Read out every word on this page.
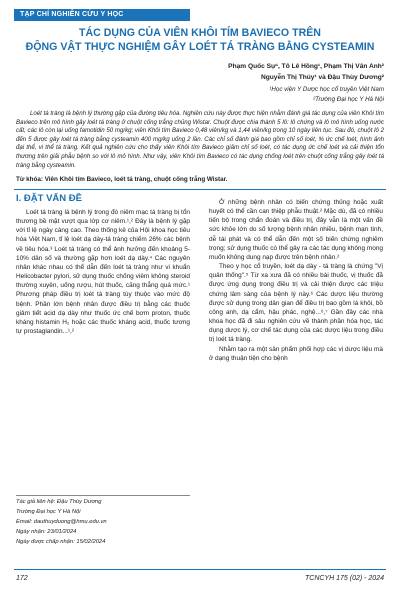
TẠP CHÍ NGHIÊN CỨU Y HỌC
TÁC DỤNG CỦA VIÊN KHÔI TÍM BAVIECO TRÊN
ĐỘNG VẬT THỰC NGHIỆM GÂY LOÉT TÁ TRÀNG BẰNG CYSTEAMIN
Phạm Quốc Sự¹, Tô Lê Hồng¹, Phạm Thị Vân Anh²
Nguyễn Thị Thúy¹ và Đậu Thùy Dương²
¹Học viện Y Dược học cổ truyền Việt Nam
²Trường Đại học Y Hà Nội
Loét tá tràng là bệnh lý thường gặp của đường tiêu hóa. Nghiên cứu này được thực hiện nhằm đánh giá tác dụng của viên Khôi tím Bavieco trên mô hình gây loét tá tràng ở chuột cống trắng chủng Wistar. Chuột được chia thành 5 lô: lô chứng và lô mô hình uống nước cất, các lô còn lại uống famotidin 50 mg/kg; viên Khôi tím Bavieco 0,48 viên/kg và 1,44 viên/kg trong 10 ngày liên tục. Sau đó, chuột lô 2 đến 5 được gây loét tá tràng bằng cysteamin 400 mg/kg uống 2 lần. Các chỉ số đánh giá bao gồm chỉ số loét, % ức chế loét, hình ảnh đại thể, vi thể tá tràng. Kết quả nghiên cứu cho thấy viên Khôi tím Bavieco giảm chỉ số loét, có tác dụng ức chế loét và cải thiện tổn thương trên giải phẫu bệnh so với lô mô hình. Như vậy, viên Khôi tím Bavieco có tác dụng chống loét trên chuột cống trắng gây loét tá tràng bằng cysteamin.
Từ khóa: Viên Khôi tím Bavieco, loét tá tràng, chuột cống trắng Wistar.
I. ĐẶT VẤN ĐỀ

Loét tá tràng là bệnh lý trong đó niêm mạc tá tràng bị tổn thương bề mặt vượt qua lớp cơ niêm.¹,² Đây là bệnh lý gặp với tỉ lệ ngày càng cao. Theo thống kê của Hội khoa học tiêu hóa Việt Nam, tỉ lệ loét dạ dày-tá tràng chiếm 26% các bệnh về tiêu hóa.³ Loét tá tràng có thể ảnh hưởng đến khoảng 5-10% dân số và thường gặp hơn loét dạ dày.⁴ Các nguyên nhân khác nhau có thể dẫn đến loét tá tràng như vi khuẩn Helicobacter pylori, sử dụng thuốc chống viêm không steroid thường xuyên, uống rượu, hút thuốc, căng thẳng quá mức.¹ Phương pháp điều trị loét tá tràng tùy thuộc vào mức độ bệnh. Phần lớn bệnh nhân được điều trị bằng các thuốc giảm tiết acid dạ dày như thuốc ức chế bơm proton, thuốc kháng histamin H₂ hoặc các thuốc kháng acid, thuốc tương tự prostaglandin...¹,²

Ở những bệnh nhân có biến chứng thủng hoặc xuất huyết có thể cần can thiệp phẫu thuật.² Mặc dù, đã có nhiều tiến bộ trong chẩn đoán và điều trị, đây vẫn là một vấn đề sức khỏe lớn do số lượng bệnh nhân nhiều, bệnh mạn tính, dễ tái phát và có thể dẫn đến một số biến chứng nghiêm trọng; sử dụng thuốc có thể gây ra các tác dụng không mong muốn không dung nạp được trên bệnh nhân.²

Theo y học cổ truyền, loét dạ dày - tá tràng là chứng "Vị quản thống".⁵ Từ xa xưa đã có nhiều bài thuốc, vị thuốc đã được ứng dụng trong điều trị và cải thiện được các triệu chứng lâm sàng của bệnh lý này.⁶ Các dược liệu thường được sử dụng trong dân gian để điều trị bao gồm lá khôi, bồ công anh, dạ cẩm, hậu phác, nghệ...⁶,⁷ Gần đây các nhà khoa học đã đi sâu nghiên cứu về thành phần hóa học, tác dụng dược lý, cơ chế tác dụng của các dược liệu trong điều trị loét tá tràng.

Nhằm tạo ra một sản phẩm phối hợp các vị dược liệu mà ở dạng thuận tiện cho bệnh

Tác giả liên hệ: Đậu Thùy Dương
Trường Đại học Y Hà Nội
Email: dauthuyduong@hmu.edu.vn
Ngày nhận: 23/01/2024
Ngày được chấp nhận: 15/02/2024
172	TCNCYH 175 (02) - 2024
